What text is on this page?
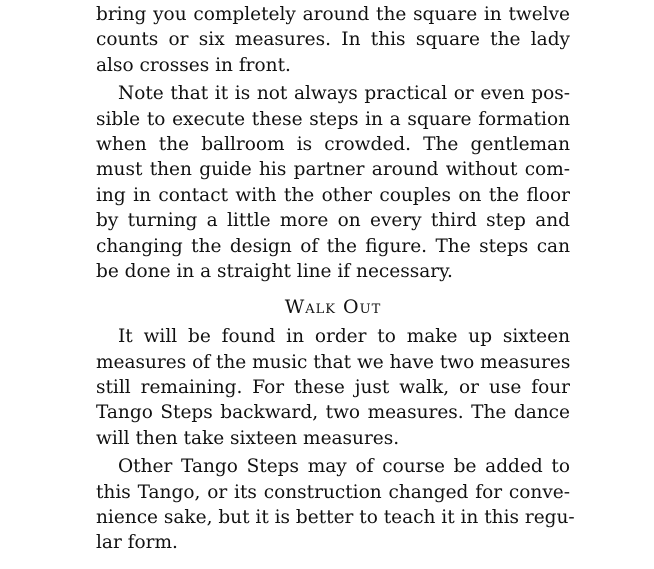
bring you completely around the square in twelve
counts or six measures. In this square the lady
also crosses in front.
Note that it is not always practical or even pos-
sible to execute these steps in a square formation
when the ballroom is crowded. The gentleman
must then guide his partner around without com-
ing in contact with the other couples on the floor
by turning a little more on every third step and
changing the design of the figure. The steps can
be done in a straight line if necessary.
Walk Out
It will be found in order to make up sixteen
measures of the music that we have two measures
still remaining. For these just walk, or use four
Tango Steps backward, two measures. The dance
will then take sixteen measures.
Other Tango Steps may of course be added to
this Tango, or its construction changed for conve-
nience sake, but it is better to teach it in this regu-
lar form.
